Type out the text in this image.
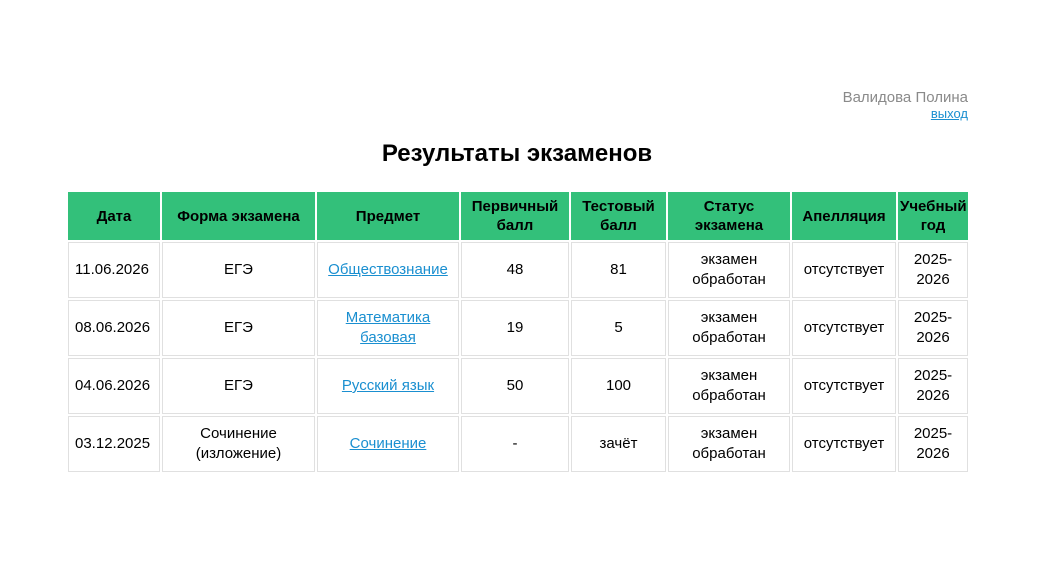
Валидова Полина
выход
Результаты экзаменов
Дата	Форма экзамена	Предмет	Первичный балл	Тестовый балл	Статус экзамена	Апелляция	Учебный год
11.06.2026	ЕГЭ	Обществознание	48	81	экзамен обработан	отсутствует	2025-2026
08.06.2026	ЕГЭ	Математика базовая	19	5	экзамен обработан	отсутствует	2025-2026
04.06.2026	ЕГЭ	Русский язык	50	100	экзамен обработан	отсутствует	2025-2026
03.12.2025	Сочинение (изложение)	Сочинение	-	зачёт	экзамен обработан	отсутствует	2025-2026
